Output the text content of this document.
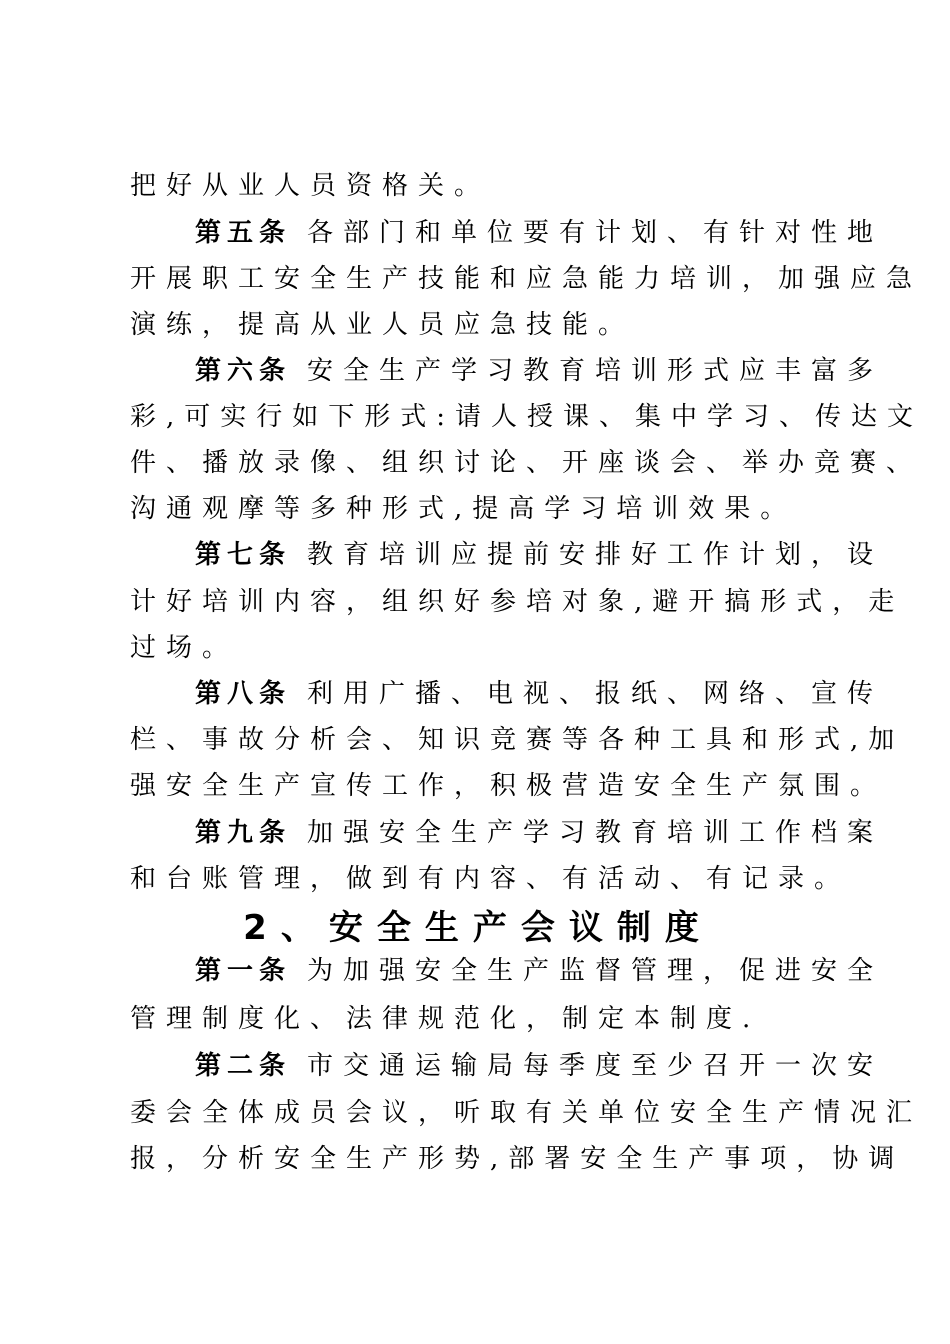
把好从业人员资格关。
第五条 各部门和单位要有计划、有针对性地
开展职工安全生产技能和应急能力培训，加强应急
演练，提高从业人员应急技能。
第六条 安全生产学习教育培训形式应丰富多
彩,可实行如下形式:请人授课、集中学习、传达文
件、播放录像、组织讨论、开座谈会、举办竞赛、
沟通观摩等多种形式,提高学习培训效果。
第七条 教育培训应提前安排好工作计划，设
计好培训内容，组织好参培对象,避开搞形式，走
过场。
第八条 利用广播、电视、报纸、网络、宣传
栏、事故分析会、知识竞赛等各种工具和形式,加
强安全生产宣传工作，积极营造安全生产氛围。
第九条 加强安全生产学习教育培训工作档案
和台账管理，做到有内容、有活动、有记录。
2、安全生产会议制度
第一条 为加强安全生产监督管理，促进安全
管理制度化、法律规范化，制定本制度.
第二条 市交通运输局每季度至少召开一次安
委会全体成员会议，听取有关单位安全生产情况汇
报，分析安全生产形势,部署安全生产事项，协调
